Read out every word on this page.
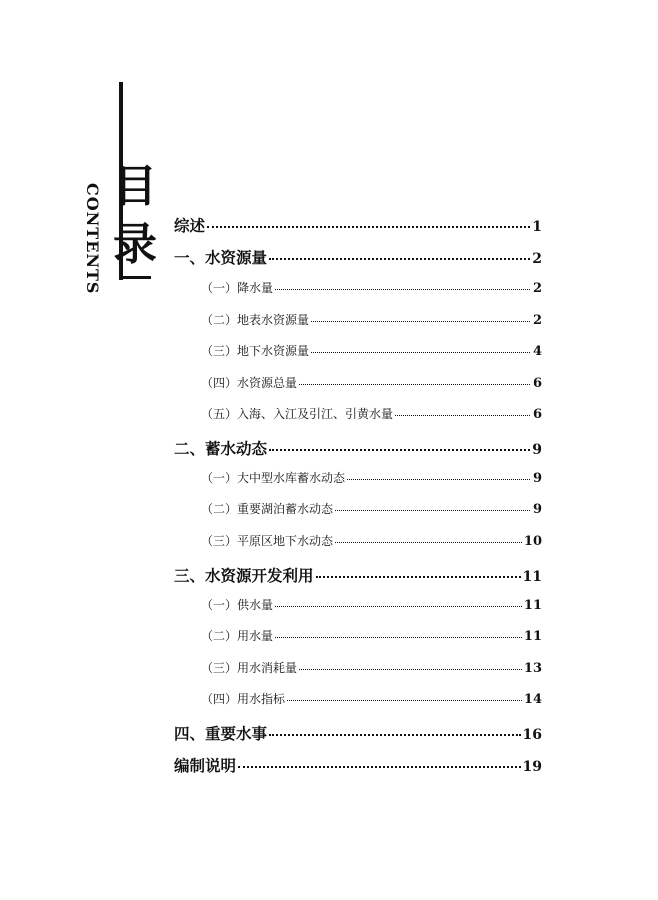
目
录
CONTENTS	综述	1
一、水资源量	2
（一）降水量	2
（二）地表水资源量	2
（三）地下水资源量	4
（四）水资源总量	6
（五）入海、入江及引江、引黄水量	6
二、蓄水动态	9
（一）大中型水库蓄水动态	9
（二）重要湖泊蓄水动态	9
（三）平原区地下水动态	10
三、水资源开发利用	11
（一）供水量	11
（二）用水量	11
（三）用水消耗量	13
（四）用水指标	14
四、重要水事	16
编制说明	19
